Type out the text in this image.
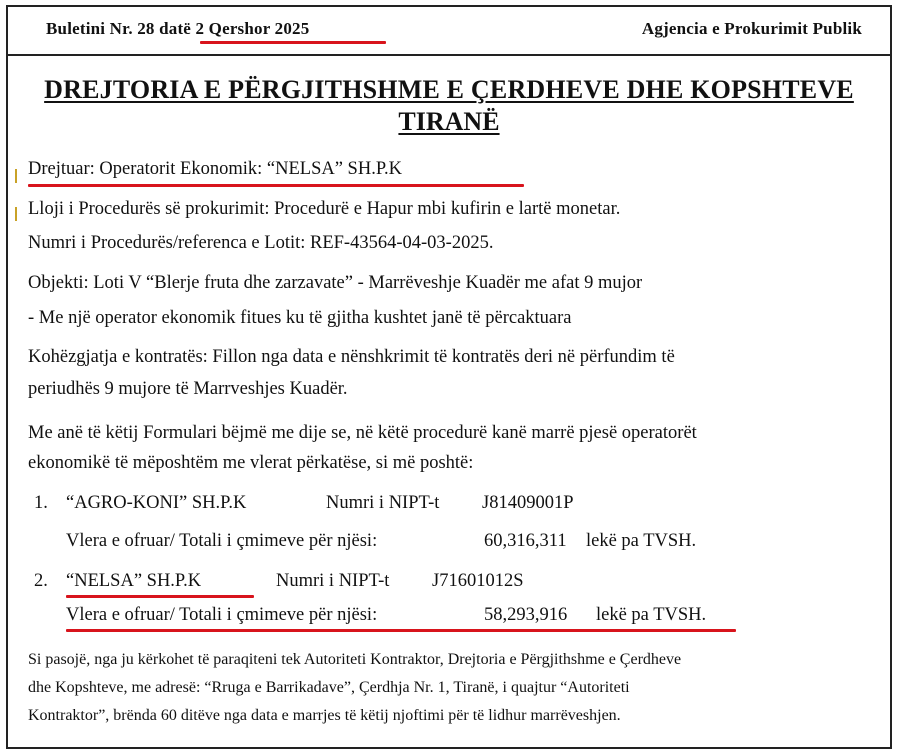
Buletini Nr. 28 datë 2 Qershor 2025	Agjencia e Prokurimit Publik
DREJTORIA E PËRGJITHSHME E ÇERDHEVE DHE KOPSHTEVE
TIRANË
Drejtuar: Operatorit Ekonomik: “NELSA” SH.P.K
Lloji i Procedurës së prokurimit: Procedurë e Hapur mbi kufirin e lartë monetar.
Numri i Procedurës/referenca e Lotit: REF-43564-04-03-2025.
Objekti: Loti V “Blerje fruta dhe zarzavate” - Marrëveshje Kuadër me afat 9 mujor
- Me një operator ekonomik fitues ku të gjitha kushtet janë të përcaktuara
Kohëzgjatja e kontratës: Fillon nga data e nënshkrimit të kontratës deri në përfundim të
periudhës 9 mujore të Marrveshjes Kuadër.
Me anë të këtij Formulari bëjmë me dije se, në këtë procedurë kanë marrë pjesë operatorët
ekonomikë të mëposhtëm me vlerat përkatëse, si më poshtë:
1. “AGRO-KONI” SH.P.K	Numri i NIPT-t J81409001P
Vlera e ofruar/ Totali i çmimeve për njësi:	60,316,311 lekë pa TVSH.
2. “NELSA” SH.P.K	Numri i NIPT-t J71601012S
Vlera e ofruar/ Totali i çmimeve për njësi:	58,293,916 lekë pa TVSH.
Si pasojë, nga ju kërkohet të paraqiteni tek Autoriteti Kontraktor, Drejtoria e Përgjithshme e Çerdheve
dhe Kopshteve, me adresë: “Rruga e Barrikadave”, Çerdhja Nr. 1, Tiranë, i quajtur “Autoriteti
Kontraktor”, brënda 60 ditëve nga data e marrjes të këtij njoftimi për të lidhur marrëveshjen.
